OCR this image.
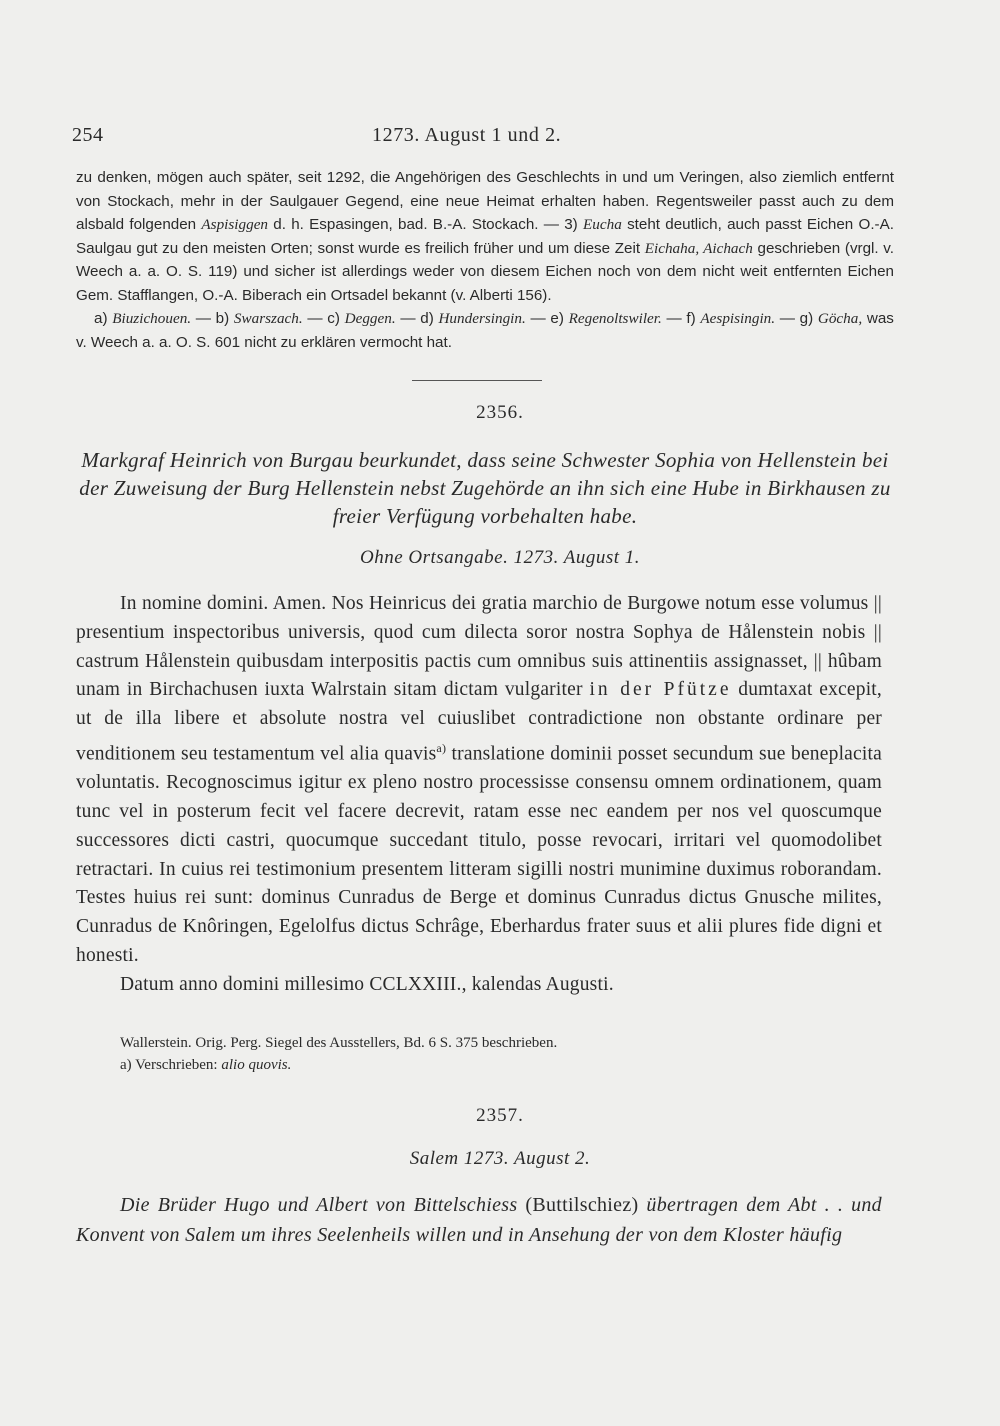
254	1273. August 1 und 2.

zu denken, mögen auch später, seit 1292, die Angehörigen des Geschlechts in und um Veringen, also ziemlich entfernt von Stockach, mehr in der Saulgauer Gegend, eine neue Heimat erhalten haben. Regentsweiler passt auch zu dem alsbald folgenden Aspisiggen d. h. Espasingen, bad. B.-A. Stockach. — 3) Eucha steht deutlich, auch passt Eichen O.-A. Saulgau gut zu den meisten Orten; sonst wurde es freilich früher und um diese Zeit Eichaha, Aichach geschrieben (vrgl. v. Weech a. a. O. S. 119) und sicher ist allerdings weder von diesem Eichen noch von dem nicht weit entfernten Eichen Gem. Stafflangen, O.-A. Biberach ein Ortsadel bekannt (v. Alberti 156).

a) Biuzichouen. — b) Swarszach. — c) Deggen. — d) Hundersingin. — e) Regenoltswiler. — f) Aespisingin. — g) Göcha, was v. Weech a. a. O. S. 601 nicht zu erklären vermocht hat.

2356.
Markgraf Heinrich von Burgau beurkundet, dass seine Schwester Sophia von Hellenstein bei der Zuweisung der Burg Hellenstein nebst Zugehörde an ihn sich eine Hube in Birkhausen zu freier Verfügung vorbehalten habe.
Ohne Ortsangabe. 1273. August 1.

In nomine domini. Amen. Nos Heinricus dei gratia marchio de Burgowe notum esse volumus || presentium inspectoribus universis, quod cum dilecta soror nostra Sophya de Hålenstein nobis || castrum Hålenstein quibusdam interpositis pactis cum omnibus suis attinentiis assignasset, || hûbam unam in Birchachusen iuxta Walrstain sitam dictam vulgariter in der Pfütze dumtaxat excepit, ut de illa libere et absolute nostra vel cuiuslibet contradictione non obstante ordinare per venditionem seu testamentum vel alia quavis$^{a)}$ translatione dominii posset secundum sue beneplacita voluntatis. Recognoscimus igitur ex pleno nostro processisse consensu omnem ordinationem, quam tunc vel in posterum fecit vel facere decrevit, ratam esse nec eandem per nos vel quoscumque successores dicti castri, quocumque succedant titulo, posse revocari, irritari vel quomodolibet retractari. In cuius rei testimonium presentem litteram sigilli nostri munimine duximus roborandam. Testes huius rei sunt: dominus Cunradus de Berge et dominus Cunradus dictus Gnusche milites, Cunradus de Knôringen, Egelolfus dictus Schrâge, Eberhardus frater suus et alii plures fide digni et honesti.

Datum anno domini millesimo CCLXXIII., kalendas Augusti.

Wallerstein. Orig. Perg. Siegel des Ausstellers, Bd. 6 S. 375 beschrieben.

a) Verschrieben: alio quovis.

2357.
Salem 1273. August 2.
Die Brüder Hugo und Albert von Bittelschiess (Buttilschiez) übertragen dem Abt . . und Konvent von Salem um ihres Seelenheils willen und in Ansehung der von dem Kloster häufig
